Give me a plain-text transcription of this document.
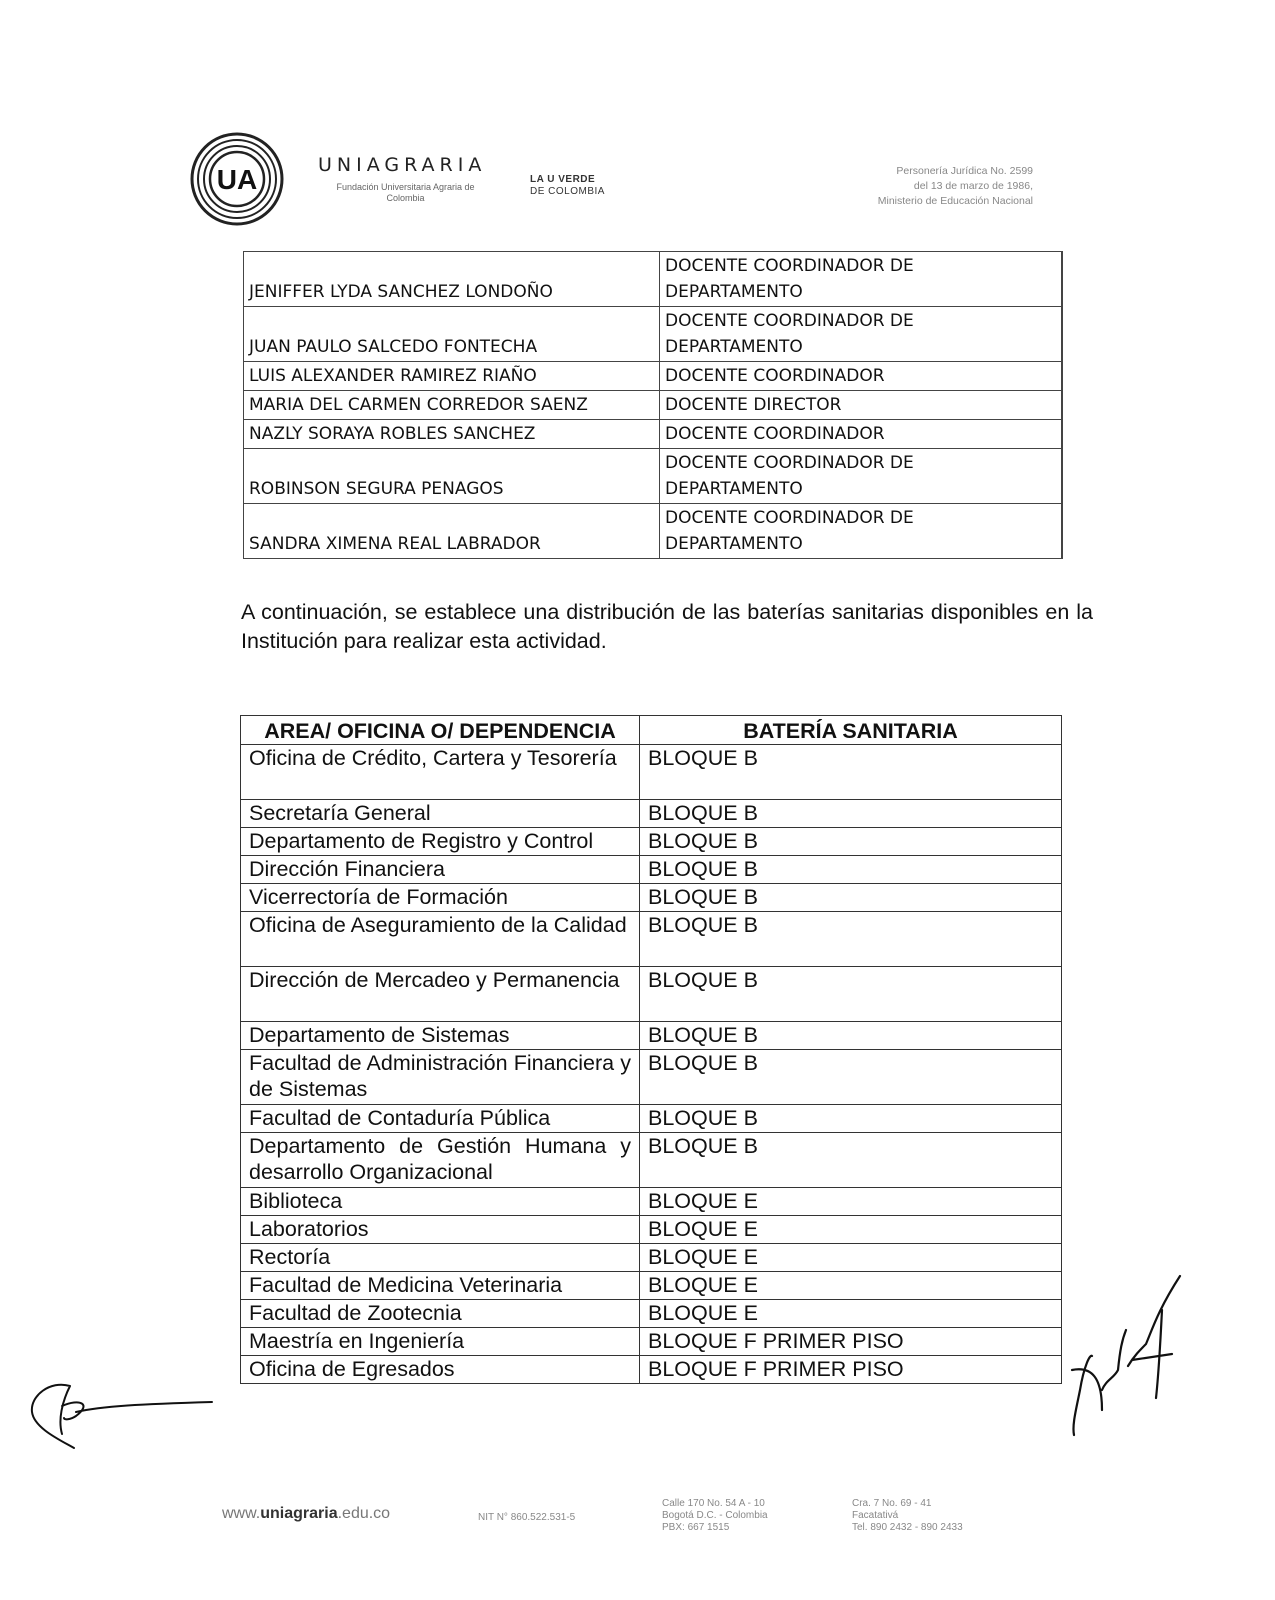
UA	UNIAGRARIA
Fundación Universitaria Agraria de Colombia
LA U VERDE
DE COLOMBIA
Personería Jurídica No. 2599
del 13 de marzo de 1986,
Ministerio de Educación Nacional
JENIFFER LYDA SANCHEZ LONDOÑO	DOCENTE COORDINADOR DE
DEPARTAMENTO

JUAN PAULO SALCEDO FONTECHA	DOCENTE COORDINADOR DE
DEPARTAMENTO

LUIS ALEXANDER RAMIREZ RIAÑO	DOCENTE COORDINADOR

MARIA DEL CARMEN CORREDOR SAENZ	DOCENTE DIRECTOR

NAZLY SORAYA ROBLES SANCHEZ	DOCENTE COORDINADOR

ROBINSON SEGURA PENAGOS	DOCENTE COORDINADOR DE
DEPARTAMENTO

SANDRA XIMENA REAL LABRADOR	DOCENTE COORDINADOR DE
DEPARTAMENTO
A continuación, se establece una distribución de las baterías sanitarias disponibles en la Institución para realizar esta actividad.
AREA/ OFICINA O/ DEPENDENCIA	BATERÍA SANITARIA
Oficina de Crédito, Cartera y Tesorería	BLOQUE B
Secretaría General	BLOQUE B
Departamento de Registro y Control	BLOQUE B
Dirección Financiera	BLOQUE B
Vicerrectoría de Formación	BLOQUE B
Oficina de Aseguramiento de la Calidad	BLOQUE B
Dirección de Mercadeo y Permanencia	BLOQUE B
Departamento de Sistemas	BLOQUE B
Facultad de Administración Financiera y de Sistemas	BLOQUE B
Facultad de Contaduría Pública	BLOQUE B
Departamento de Gestión Humana y desarrollo Organizacional	BLOQUE B
Biblioteca	BLOQUE E
Laboratorios	BLOQUE E
Rectoría	BLOQUE E
Facultad de Medicina Veterinaria	BLOQUE E
Facultad de Zootecnia	BLOQUE E
Maestría en Ingeniería	BLOQUE F PRIMER PISO
Oficina de Egresados	BLOQUE F PRIMER PISO
www.uniagraria.edu.co	NIT N° 860.522.531-5
Calle 170 No. 54 A - 10
Bogotá D.C. - Colombia
PBX: 667 1515
Cra. 7 No. 69 - 41
Facatativá
Tel. 890 2432 - 890 2433
